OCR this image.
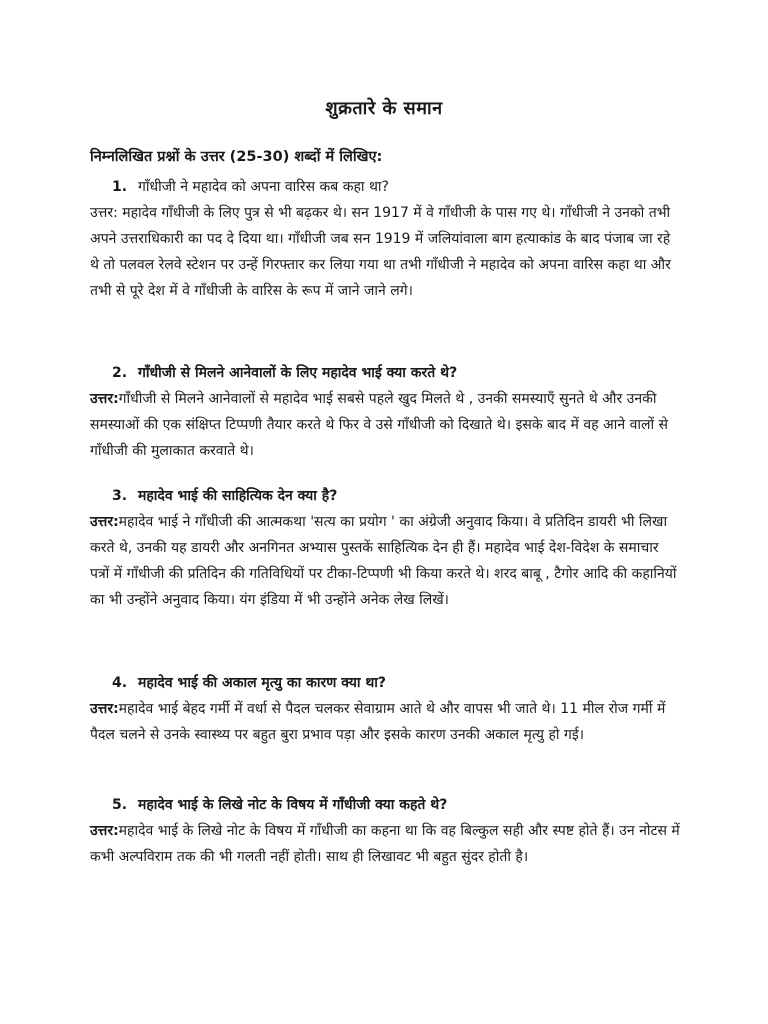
शुक्रतारे के समान
निम्नलिखित प्रश्नों के उत्तर (25-30) शब्दों में लिखिए:
1. गाँधीजी ने महादेव को अपना वारिस कब कहा था?
उत्तर: महादेव गाँधीजी के लिए पुत्र से भी बढ़कर थे। सन 1917 में वे गाँधीजी के पास गए थे। गाँधीजी ने उनको तभी अपने उत्तराधिकारी का पद दे दिया था। गाँधीजी जब सन 1919 में जलियांवाला बाग हत्याकांड के बाद पंजाब जा रहे थे तो पलवल रेलवे स्टेशन पर उन्हें गिरफ्तार कर लिया गया था तभी गाँधीजी ने महादेव को अपना वारिस कहा था और तभी से पूरे देश में वे गाँधीजी के वारिस के रूप में जाने जाने लगे।
2. गाँधीजी से मिलने आनेवालों के लिए महादेव भाई क्या करते थे?
उत्तर:गाँधीजी से मिलने आनेवालों से महादेव भाई सबसे पहले खुद मिलते थे , उनकी समस्याएँ सुनते थे और उनकी समस्याओं की एक संक्षिप्त टिप्पणी तैयार करते थे फिर वे उसे गाँधीजी को दिखाते थे। इसके बाद में वह आने वालों से गाँधीजी की मुलाकात करवाते थे।
3. महादेव भाई की साहित्यिक देन क्या है?
उत्तर:महादेव भाई ने गाँधीजी की आत्मकथा 'सत्य का प्रयोग ' का अंग्रेजी अनुवाद किया। वे प्रतिदिन डायरी भी लिखा करते थे, उनकी यह डायरी और अनगिनत अभ्यास पुस्तकें साहित्यिक देन ही हैं। महादेव भाई देश-विदेश के समाचार पत्रों में गाँधीजी की प्रतिदिन की गतिविधियों पर टीका-टिप्पणी भी किया करते थे। शरद बाबू , टैगोर आदि की कहानियों का भी उन्होंने अनुवाद किया। यंग इंडिया में भी उन्होंने अनेक लेख लिखें।
4. महादेव भाई की अकाल मृत्यु का कारण क्या था?
उत्तर:महादेव भाई बेहद गर्मी में वर्धा से पैदल चलकर सेवाग्राम आते थे और वापस भी जाते थे। 11 मील रोज गर्मी में पैदल चलने से उनके स्वास्थ्य पर बहुत बुरा प्रभाव पड़ा और इसके कारण उनकी अकाल मृत्यु हो गई।
5. महादेव भाई के लिखे नोट के विषय में गाँधीजी क्या कहते थे?
उत्तर:महादेव भाई के लिखे नोट के विषय में गाँधीजी का कहना था कि वह बिल्कुल सही और स्पष्ट होते हैं। उन नोटस में कभी अल्पविराम तक की भी गलती नहीं होती। साथ ही लिखावट भी बहुत सुंदर होती है।
